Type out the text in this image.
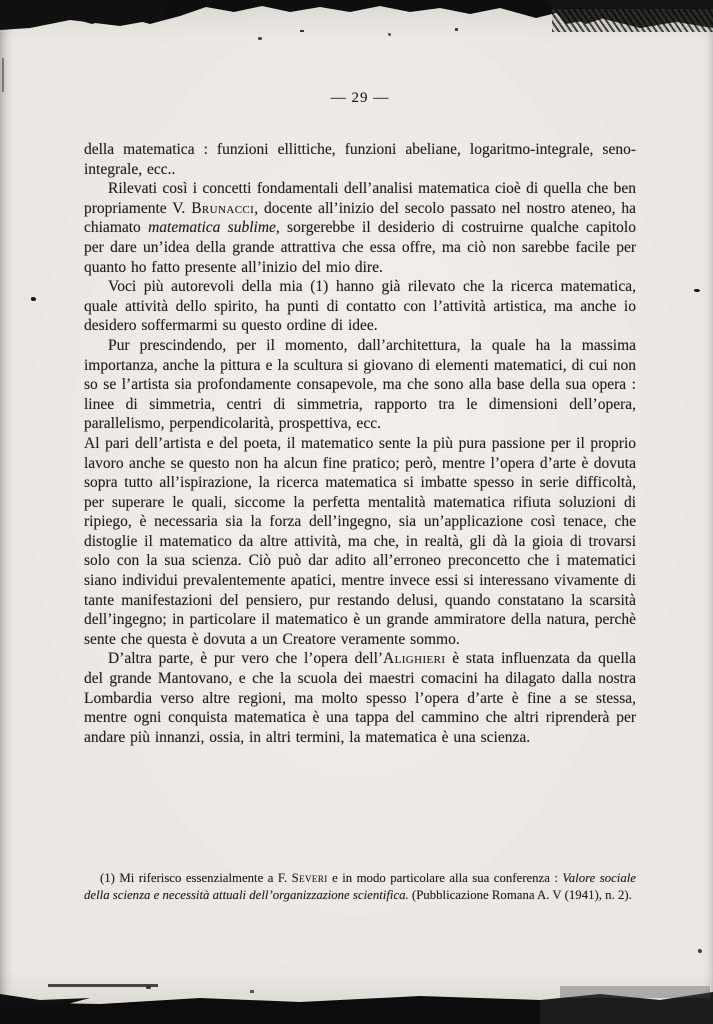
— 29 —

della matematica : funzioni ellittiche, funzioni abeliane, logaritmo-integrale, seno-integrale, ecc..

Rilevati così i concetti fondamentali dell’analisi matematica cioè di quella che ben propriamente V. Brunacci, docente all’inizio del secolo passato nel nostro ateneo, ha chiamato matematica sublime, sorgerebbe il desiderio di costruirne qualche capitolo per dare un’idea della grande attrattiva che essa offre, ma ciò non sarebbe facile per quanto ho fatto presente all’inizio del mio dire.

Voci più autorevoli della mia (1) hanno già rilevato che la ricerca matematica, quale attività dello spirito, ha punti di contatto con l’attività artistica, ma anche io desidero soffermarmi su questo ordine di idee.

Pur prescindendo, per il momento, dall’architettura, la quale ha la massima importanza, anche la pittura e la scultura si giovano di elementi matematici, di cui non so se l’artista sia profondamente consapevole, ma che sono alla base della sua opera : linee di simmetria, centri di simmetria, rapporto tra le dimensioni dell’opera, parallelismo, perpendicolarità, prospettiva, ecc.

Al pari dell’artista e del poeta, il matematico sente la più pura passione per il proprio lavoro anche se questo non ha alcun fine pratico; però, mentre l’opera d’arte è dovuta sopra tutto all’ispirazione, la ricerca matematica si imbatte spesso in serie difficoltà, per superare le quali, siccome la perfetta mentalità matematica rifiuta soluzioni di ripiego, è necessaria sia la forza dell’ingegno, sia un’applicazione così tenace, che distoglie il matematico da altre attività, ma che, in realtà, gli dà la gioia di trovarsi solo con la sua scienza. Ciò può dar adito all’erroneo preconcetto che i matematici siano individui prevalentemente apatici, mentre invece essi si interessano vivamente di tante manifestazioni del pensiero, pur restando delusi, quando constatano la scarsità dell’ingegno; in particolare il matematico è un grande ammiratore della natura, perchè sente che questa è dovuta a un Creatore veramente sommo.

D’altra parte, è pur vero che l’opera dell’Alighieri è stata influenzata da quella del grande Mantovano, e che la scuola dei maestri comacini ha dilagato dalla nostra Lombardia verso altre regioni, ma molto spesso l’opera d’arte è fine a se stessa, mentre ogni conquista matematica è una tappa del cammino che altri riprenderà per andare più innanzi, ossia, in altri termini, la matematica è una scienza.

(1) Mi riferisco essenzialmente a F. Severi e in modo particolare alla sua conferenza : Valore sociale della scienza e necessità attuali dell’organizzazione scientifica. (Pubblicazione Romana A. V (1941), n. 2).
